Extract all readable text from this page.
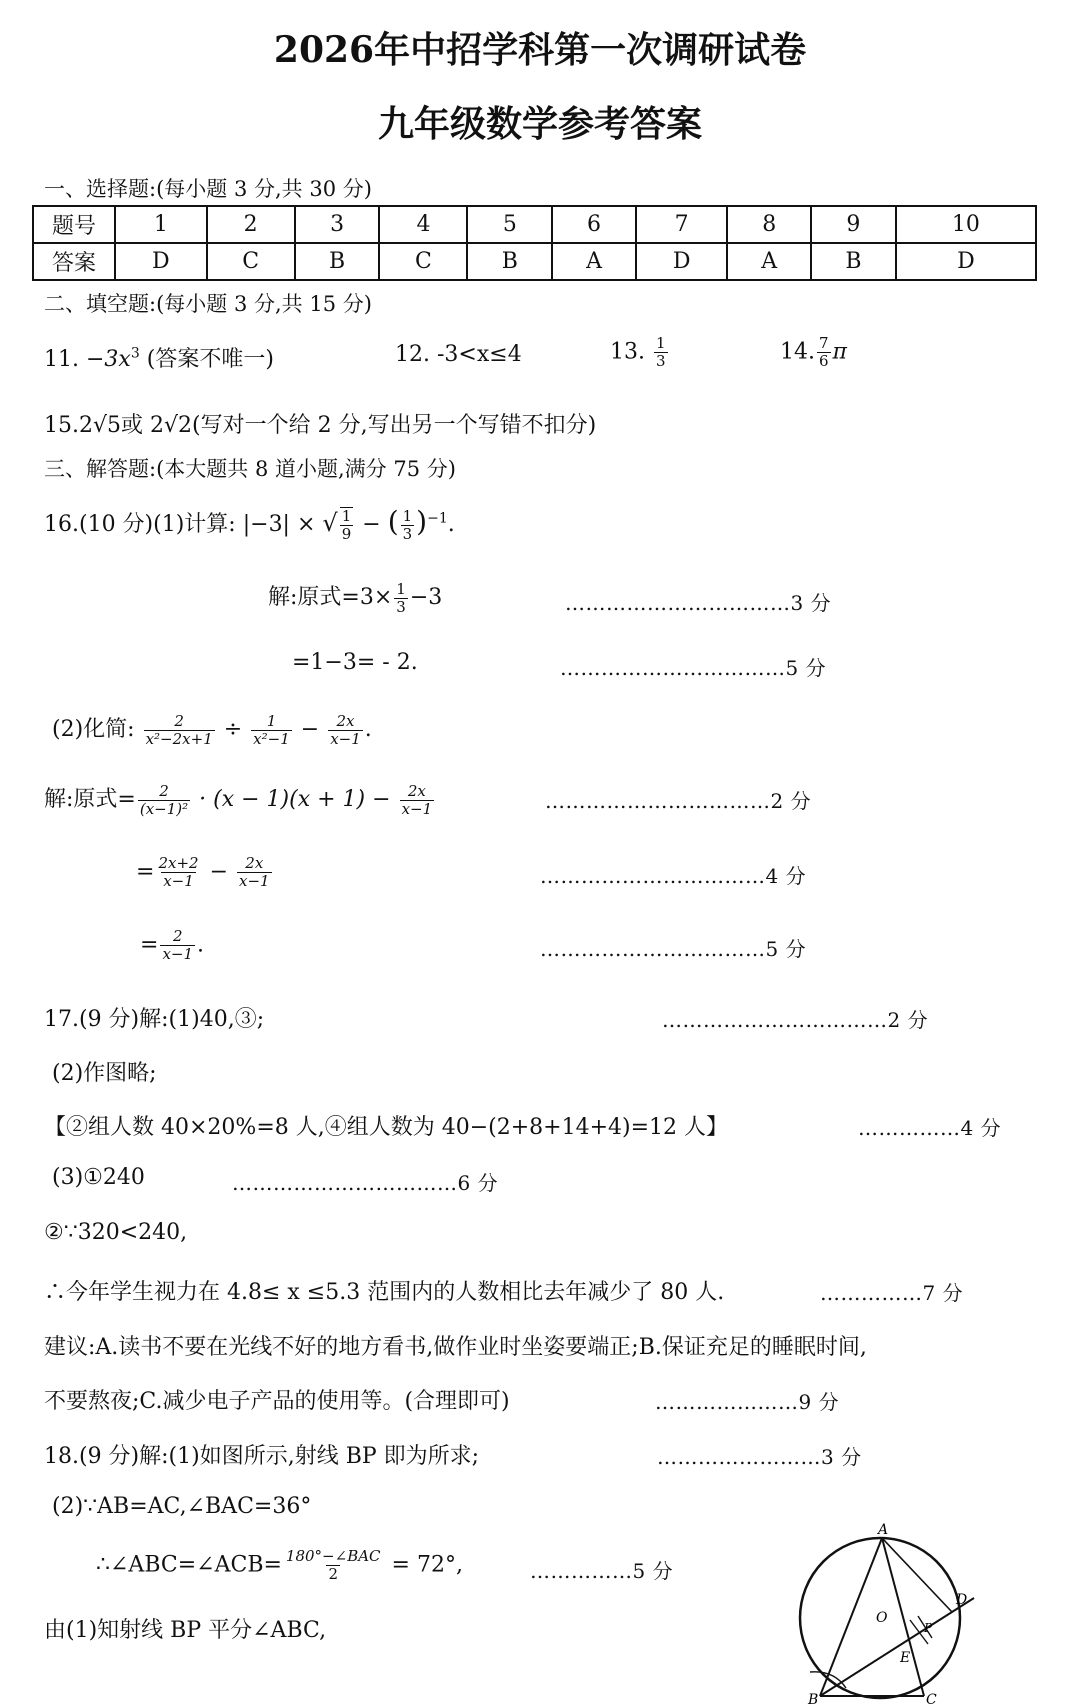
2026年中招学科第一次调研试卷
九年级数学参考答案
一、选择题:(每小题 3 分,共 30 分)
题号	1	2	3	4	5	6	7	8	9	10
答案	D	C	B	C	B	A	D	A	B	D
二、填空题:(每小题 3 分,共 15 分)
11. $-3x^3$ (答案不唯一)	12. -3<x≤4	13. $\frac{1}{3}$	14. $\frac{7}{6}$ π
15.2√5或 2√2(写对一个给 2 分,写出另一个写错不扣分)
三、解答题:(本大题共 8 道小题,满分 75 分)
16.(10 分)(1)计算: |−3| × √ $\frac{1}{9}$ − ( $\frac{1}{3} )^{-1}$.
解:原式$=3\times \frac{1}{3} -3$	……………………………3 分
=1−3= - 2.	……………………………5 分
(2)化简: $\frac{2}{\text{x²−2x+1}} \div \frac{1}{\text{x²−1}} - \frac{2x}{x-1}$ .
解:原式= $\frac{2}{\text{(x−1)²}} \cdot (x - 1)(x + 1) - \frac{2x}{x-1}$	……………………………2 分
= $\frac{2x+2}{x-1} - \frac{2x}{x-1}$	……………………………4 分
= $\frac{2}{x-1}$ .	……………………………5 分
17.(9 分)解:(1)40,③;	……………………………2 分
(2)作图略;
【②组人数 40×20%=8 人,④组人数为 40−(2+8+14+4)=12 人】	……………4 分
(3)①240	……………………………6 分
②∵320<240,
∴今年学生视力在 4.8≤ x ≤5.3 范围内的人数相比去年减少了 80 人.	……………7 分
建议:A.读书不要在光线不好的地方看书,做作业时坐姿要端正;B.保证充足的睡眠时间,
不要熬夜;C.减少电子产品的使用等。(合理即可)	…………………9 分
18.(9 分)解:(1)如图所示,射线 BP 即为所求;	……………………3 分
(2)∵AB=AC,∠BAC=36°
∴∠ABC=∠ACB= $\frac{\text{180°−∠BAC}}{2} = 72^\circ$,	……………5 分
由(1)知射线 BP 平分∠ABC,
A
B	C
D
E
O
P
